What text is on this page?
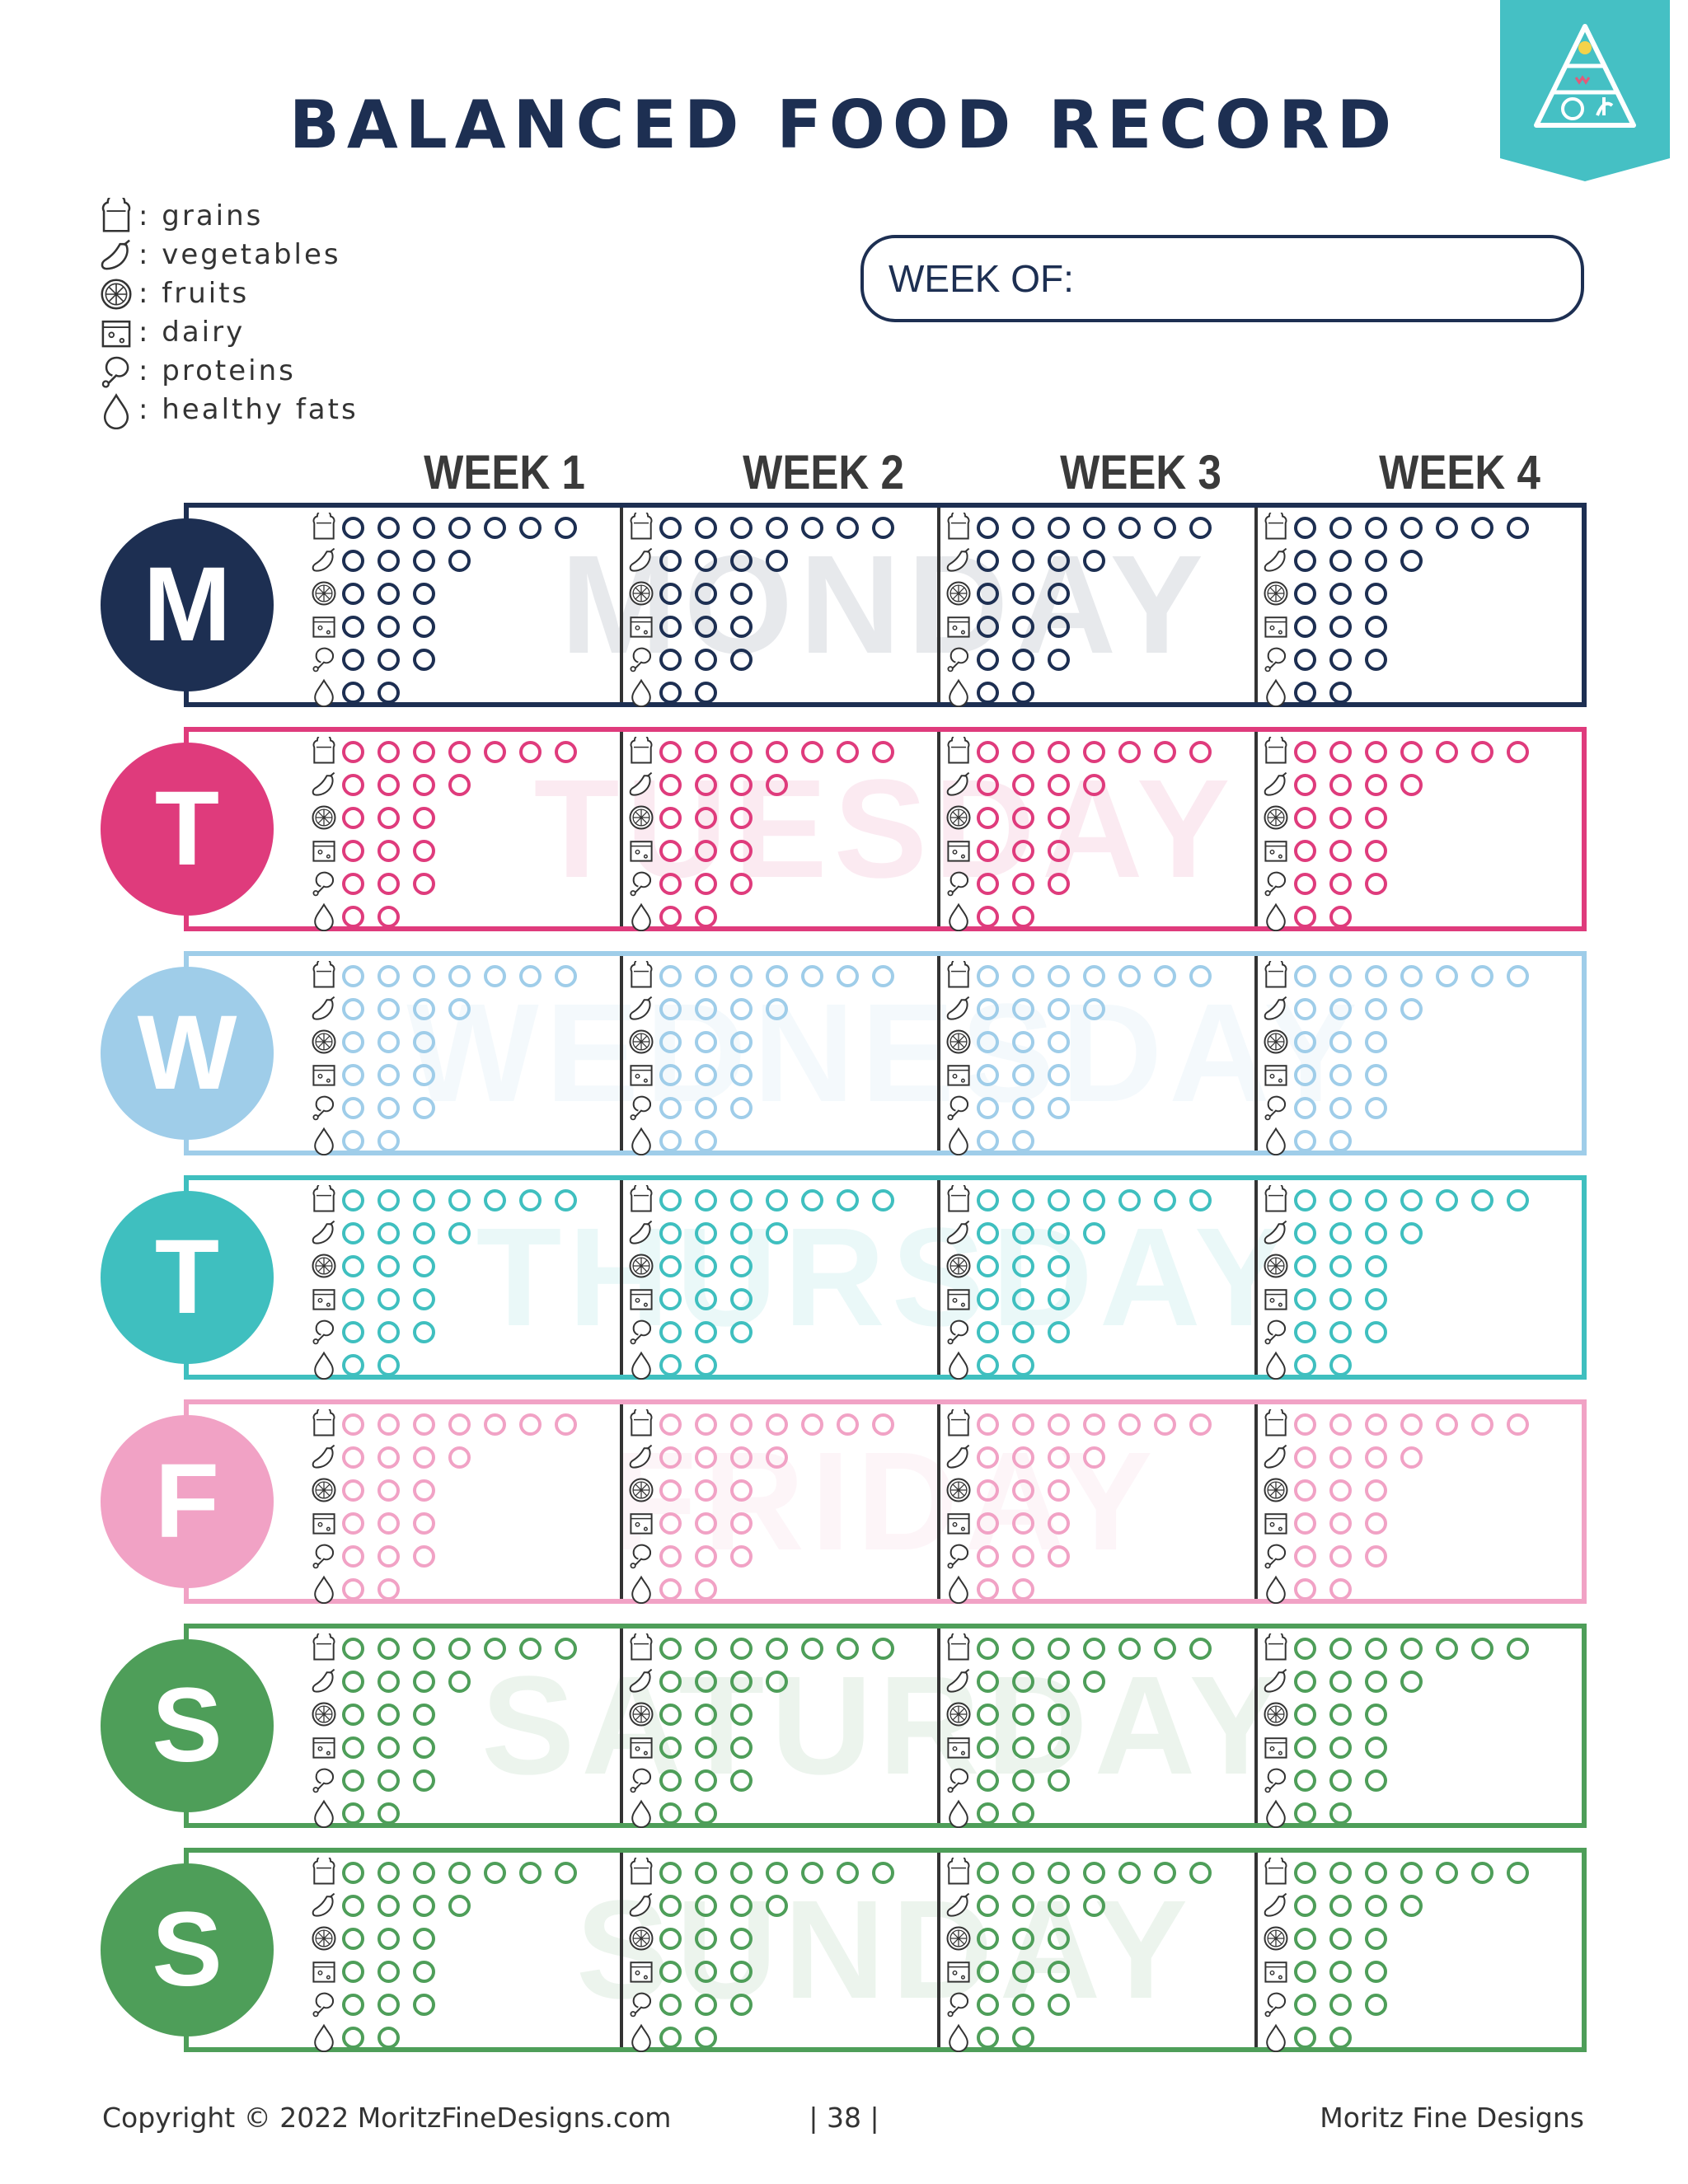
BALANCED FOOD RECORD
: grains
: vegetables
: fruits
: dairy
: proteins
: healthy fats
WEEK OF:
WEEK 1	WEEK 2	WEEK 3	WEEK 4
MONDAY
M
TUESDAY
T
WEDNESDAY
W
THURSDAY
T
FRIDAY
F
SATURDAY
S
SUNDAY
S
Copyright © 2022 MoritzFineDesigns.com	| 38 |	Moritz Fine Designs
